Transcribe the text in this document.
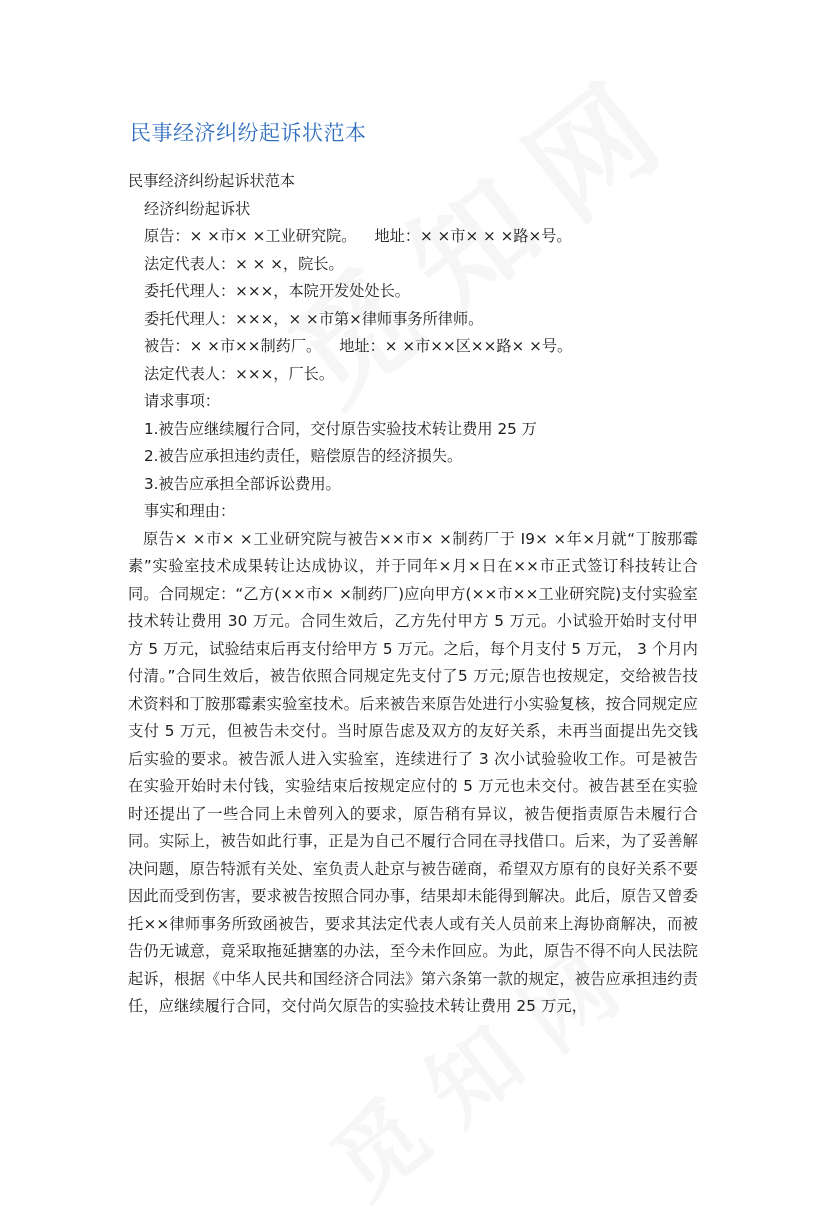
民事经济纠纷起诉状范本

民事经济纠纷起诉状范本

经济纠纷起诉状

原告：× ×市× ×工业研究院。 地址：× ×市× × ×路×号。

法定代表人：× × ×，院长。

委托代理人：×××，本院开发处处长。

委托代理人：×××，× ×市第×律师事务所律师。

被告：× ×市××制药厂。 地址：× ×市××区××路× ×号。

法定代表人：×××，厂长。

请求事项：

1.被告应继续履行合同，交付原告实验技术转让费用 25 万

2.被告应承担违约责任，赔偿原告的经济损失。

3.被告应承担全部诉讼费用。

事实和理由：

原告× ×市× ×工业研究院与被告××市× ×制药厂于 I9× ×年×月就“丁胺那霉素”实验室技术成果转让达成协议，并于同年×月×日在××市正式签订科技转让合同。合同规定：“乙方(××市× ×制药厂)应向甲方(××市××工业研究院)支付实验室技术转让费用 30 万元。合同生效后，乙方先付甲方 5 万元。小试验开始时支付甲方 5 万元，试验结束后再支付给甲方 5 万元。之后，每个月支付 5 万元， 3 个月内付清。”合同生效后，被告依照合同规定先支付了5 万元;原告也按规定，交给被告技术资料和丁胺那霉素实验室技术。后来被告来原告处进行小实验复核，按合同规定应支付 5 万元，但被告未交付。当时原告虑及双方的友好关系，未再当面提出先交钱后实验的要求。被告派人进入实验室，连续进行了 3 次小试验验收工作。可是被告在实验开始时未付钱，实验结束后按规定应付的 5 万元也未交付。被告甚至在实验时还提出了一些合同上未曾列入的要求，原告稍有异议，被告便指责原告未履行合同。实际上，被告如此行事，正是为自己不履行合同在寻找借口。后来，为了妥善解决问题，原告特派有关处、室负责人赴京与被告磋商，希望双方原有的良好关系不要因此而受到伤害，要求被告按照合同办事，结果却未能得到解决。此后，原告又曾委托××律师事务所致函被告，要求其法定代表人或有关人员前来上海协商解决，而被告仍无诚意，竟采取拖延搪塞的办法，至今未作回应。为此，原告不得不向人民法院起诉，根据《中华人民共和国经济合同法》第六条第一款的规定，被告应承担违约责任，应继续履行合同，交付尚欠原告的实验技术转让费用 25 万元，
